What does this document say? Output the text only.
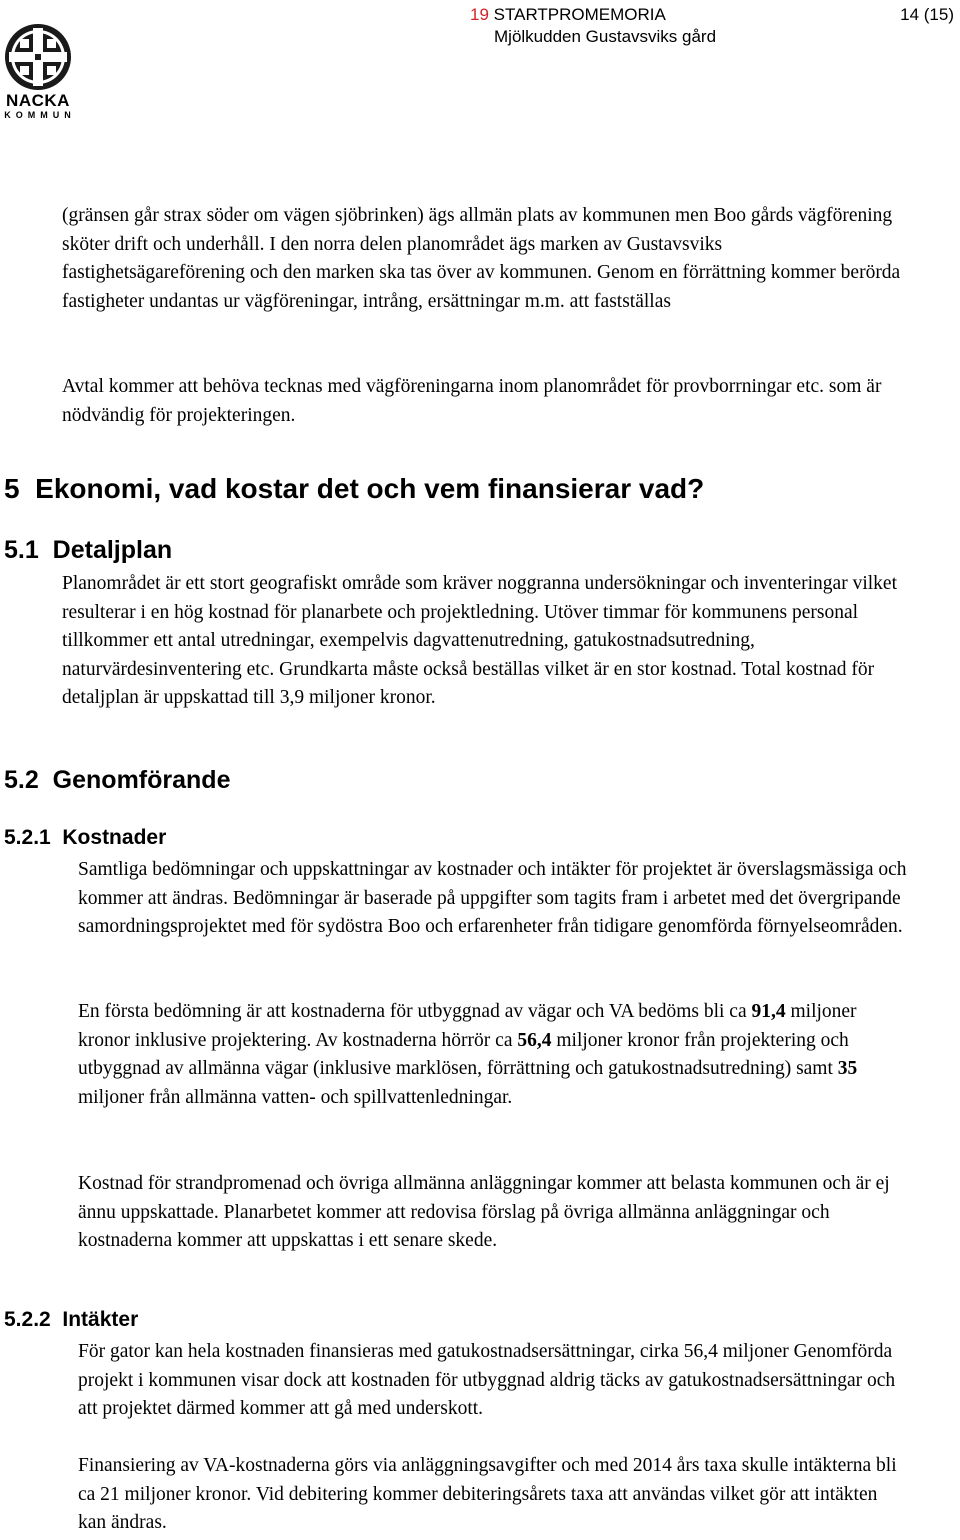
NACKA
KOMMUN
19 STARTPROMEMORIA
Mjölkudden Gustavsviks gård
14 (15)

(gränsen går strax söder om vägen sjöbrinken) ägs allmän plats av kommunen men Boo gårds vägförening sköter drift och underhåll. I den norra delen planområdet ägs marken av Gustavsviks fastighetsägareförening och den marken ska tas över av kommunen. Genom en förrättning kommer berörda fastigheter undantas ur vägföreningar, intrång, ersättningar m.m. att fastställas

Avtal kommer att behöva tecknas med vägföreningarna inom planområdet för provborrningar etc. som är nödvändig för projekteringen.

5 Ekonomi, vad kostar det och vem finansierar vad?
5.1 Detaljplan

Planområdet är ett stort geografiskt område som kräver noggranna undersökningar och inventeringar vilket resulterar i en hög kostnad för planarbete och projektledning. Utöver timmar för kommunens personal tillkommer ett antal utredningar, exempelvis dagvattenutredning, gatukostnadsutredning, naturvärdesinventering etc. Grundkarta måste också beställas vilket är en stor kostnad. Total kostnad för detaljplan är uppskattad till 3,9 miljoner kronor.

5.2 Genomförande
5.2.1 Kostnader

Samtliga bedömningar och uppskattningar av kostnader och intäkter för projektet är överslagsmässiga och kommer att ändras. Bedömningar är baserade på uppgifter som tagits fram i arbetet med det övergripande samordningsprojektet med för sydöstra Boo och erfarenheter från tidigare genomförda förnyelseområden.

En första bedömning är att kostnaderna för utbyggnad av vägar och VA bedöms bli ca 91,4 miljoner kronor inklusive projektering. Av kostnaderna hörrör ca 56,4 miljoner kronor från projektering och utbyggnad av allmänna vägar (inklusive marklösen, förrättning och gatukostnadsutredning) samt 35 miljoner från allmänna vatten- och spillvattenledningar.

Kostnad för strandpromenad och övriga allmänna anläggningar kommer att belasta kommunen och är ej ännu uppskattade. Planarbetet kommer att redovisa förslag på övriga allmänna anläggningar och kostnaderna kommer att uppskattas i ett senare skede.

5.2.2 Intäkter

För gator kan hela kostnaden finansieras med gatukostnadsersättningar, cirka 56,4 miljoner Genomförda projekt i kommunen visar dock att kostnaden för utbyggnad aldrig täcks av gatukostnadsersättningar och att projektet därmed kommer att gå med underskott.

Finansiering av VA-kostnaderna görs via anläggningsavgifter och med 2014 års taxa skulle intäkterna bli ca 21 miljoner kronor. Vid debitering kommer debiteringsårets taxa att användas vilket gör att intäkten kan ändras.
